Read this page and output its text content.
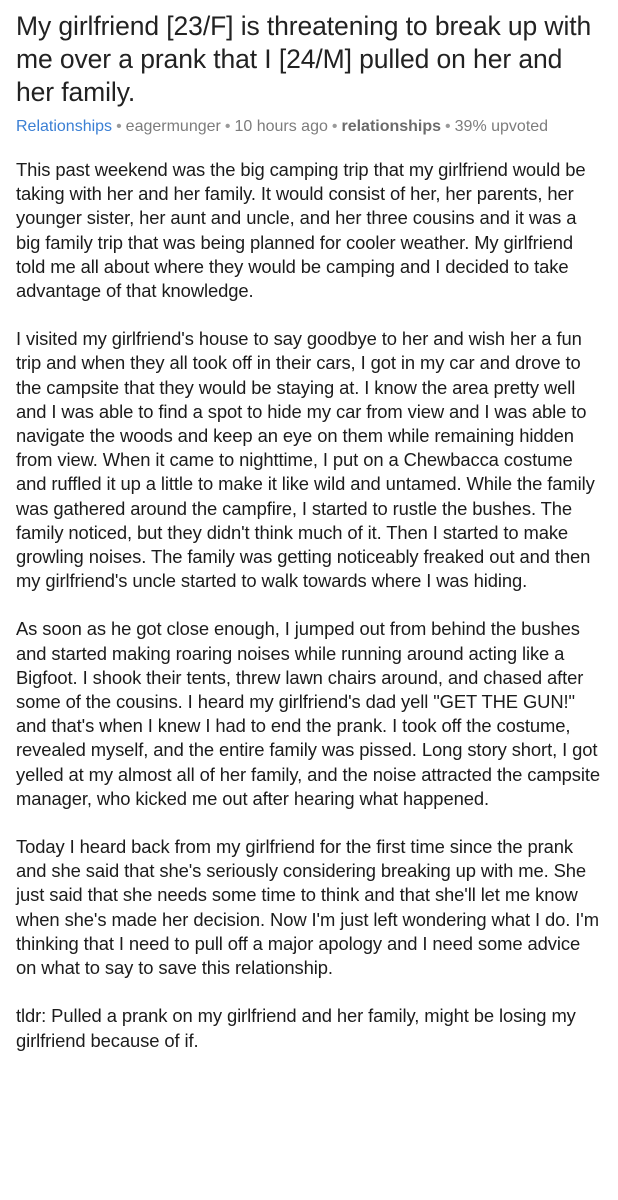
My girlfriend [23/F] is threatening to break up with me over a prank that I [24/M] pulled on her and her family.
Relationships • eagermunger • 10 hours ago • relationships • 39% upvoted

This past weekend was the big camping trip that my girlfriend would be taking with her and her family. It would consist of her, her parents, her younger sister, her aunt and uncle, and her three cousins and it was a big family trip that was being planned for cooler weather. My girlfriend told me all about where they would be camping and I decided to take advantage of that knowledge.

I visited my girlfriend's house to say goodbye to her and wish her a fun trip and when they all took off in their cars, I got in my car and drove to the campsite that they would be staying at. I know the area pretty well and I was able to find a spot to hide my car from view and I was able to navigate the woods and keep an eye on them while remaining hidden from view. When it came to nighttime, I put on a Chewbacca costume and ruffled it up a little to make it like wild and untamed. While the family was gathered around the campfire, I started to rustle the bushes. The family noticed, but they didn't think much of it. Then I started to make growling noises. The family was getting noticeably freaked out and then my girlfriend's uncle started to walk towards where I was hiding.

As soon as he got close enough, I jumped out from behind the bushes and started making roaring noises while running around acting like a Bigfoot. I shook their tents, threw lawn chairs around, and chased after some of the cousins. I heard my girlfriend's dad yell "GET THE GUN!" and that's when I knew I had to end the prank. I took off the costume, revealed myself, and the entire family was pissed. Long story short, I got yelled at my almost all of her family, and the noise attracted the campsite manager, who kicked me out after hearing what happened.

Today I heard back from my girlfriend for the first time since the prank and she said that she's seriously considering breaking up with me. She just said that she needs some time to think and that she'll let me know when she's made her decision. Now I'm just left wondering what I do. I'm thinking that I need to pull off a major apology and I need some advice on what to say to save this relationship.

tldr: Pulled a prank on my girlfriend and her family, might be losing my girlfriend because of if.
